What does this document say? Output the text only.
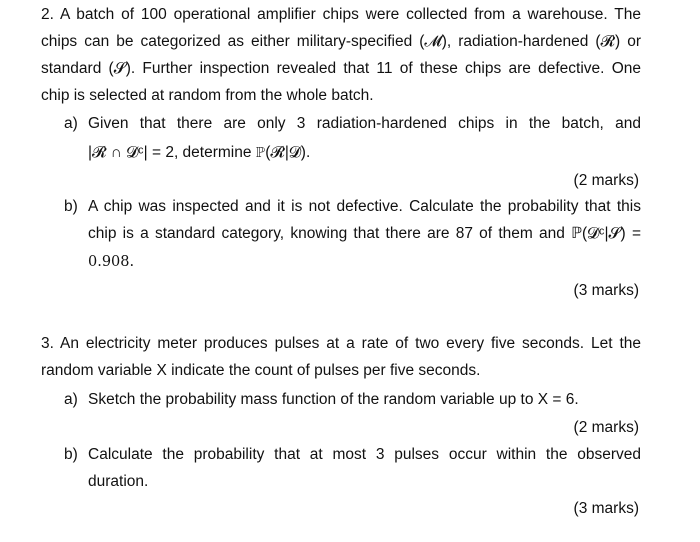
2. A batch of 100 operational amplifier chips were collected from a warehouse. The
chips can be categorized as either military-specified (𝓜), radiation-hardened (𝓡) or
standard (𝓢). Further inspection revealed that 11 of these chips are defective. One
chip is selected at random from the whole batch.
a) Given that there are only 3 radiation-hardened chips in the batch, and
|𝓡 ∩ 𝓓ᶜ| = 2, determine ℙ(𝓡|𝓓).
(2 marks)
b) A chip was inspected and it is not defective. Calculate the probability that this
chip is a standard category, knowing that there are 87 of them and ℙ(𝓓ᶜ|𝓢) =
0.908.
(3 marks)
3. An electricity meter produces pulses at a rate of two every five seconds. Let the
random variable X indicate the count of pulses per five seconds.
a) Sketch the probability mass function of the random variable up to X = 6.
(2 marks)
b) Calculate the probability that at most 3 pulses occur within the observed
duration.
(3 marks)
